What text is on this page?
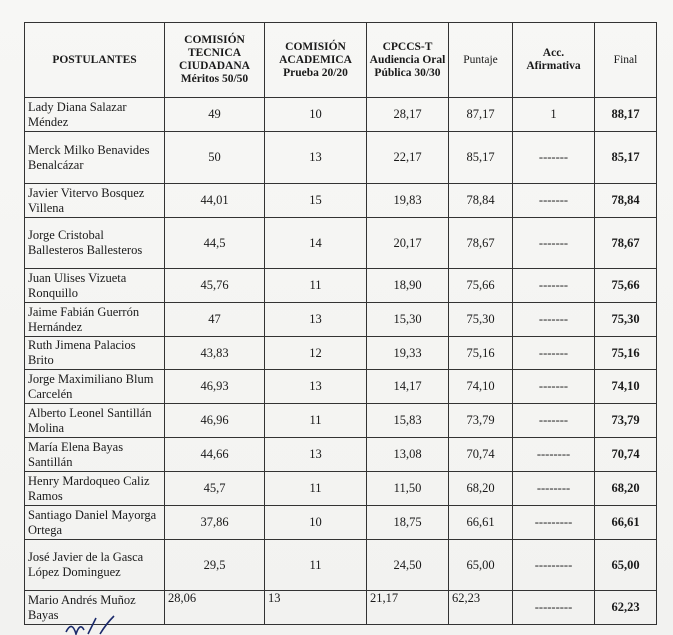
POSTULANTES	COMISIÓN TECNICA CIUDADANA Méritos 50/50	COMISIÓN ACADEMICA Prueba 20/20	CPCCS-T Audiencia Oral Pública 30/30	Puntaje	Acc. Afirmativa	Final
Lady Diana Salazar Méndez	49	10	28,17	87,17	1	88,17
Merck Milko Benavides Benalcázar	50	13	22,17	85,17	-------	85,17
Javier Vitervo Bosquez Villena	44,01	15	19,83	78,84	-------	78,84
Jorge Cristobal Ballesteros Ballesteros	44,5	14	20,17	78,67	-------	78,67
Juan Ulises Vizueta Ronquillo	45,76	11	18,90	75,66	-------	75,66
Jaime Fabián Guerrón Hernández	47	13	15,30	75,30	-------	75,30
Ruth Jimena Palacios Brito	43,83	12	19,33	75,16	-------	75,16
Jorge Maximiliano Blum Carcelén	46,93	13	14,17	74,10	-------	74,10
Alberto Leonel Santillán Molina	46,96	11	15,83	73,79	-------	73,79
María Elena Bayas Santillán	44,66	13	13,08	70,74	--------	70,74
Henry Mardoqueo Caliz Ramos	45,7	11	11,50	68,20	--------	68,20
Santiago Daniel Mayorga Ortega	37,86	10	18,75	66,61	---------	66,61
José Javier de la Gasca López Dominguez	29,5	11	24,50	65,00	---------	65,00
Mario Andrés Muñoz Bayas	28,06	13	21,17	62,23	---------	62,23
